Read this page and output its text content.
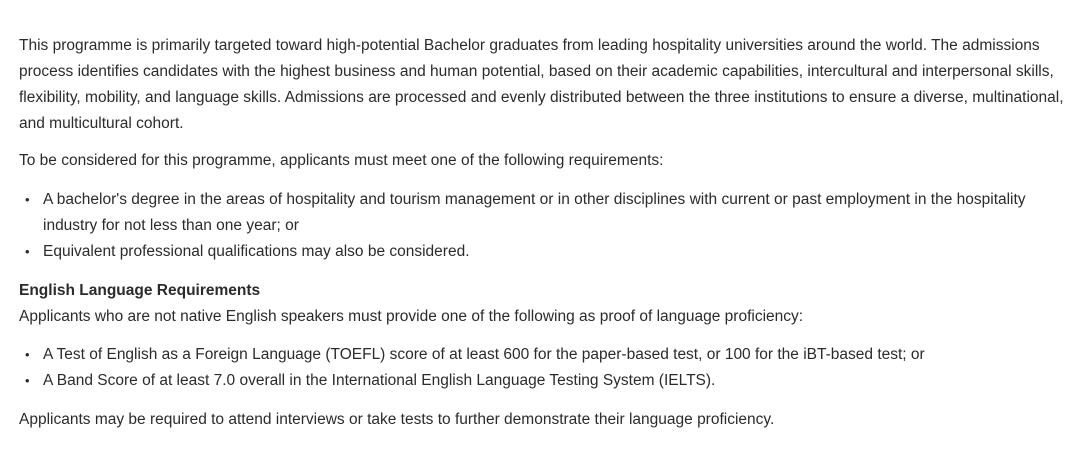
This programme is primarily targeted toward high-potential Bachelor graduates from leading hospitality universities around the world. The admissions process identifies candidates with the highest business and human potential, based on their academic capabilities, intercultural and interpersonal skills, flexibility, mobility, and language skills. Admissions are processed and evenly distributed between the three institutions to ensure a diverse, multinational, and multicultural cohort.

To be considered for this programme, applicants must meet one of the following requirements:

• A bachelor's degree in the areas of hospitality and tourism management or in other disciplines with current or past employment in the hospitality industry for not less than one year; or
• Equivalent professional qualifications may also be considered.

English Language Requirements

Applicants who are not native English speakers must provide one of the following as proof of language proficiency:

• A Test of English as a Foreign Language (TOEFL) score of at least 600 for the paper-based test, or 100 for the iBT-based test; or
• A Band Score of at least 7.0 overall in the International English Language Testing System (IELTS).

Applicants may be required to attend interviews or take tests to further demonstrate their language proficiency.
